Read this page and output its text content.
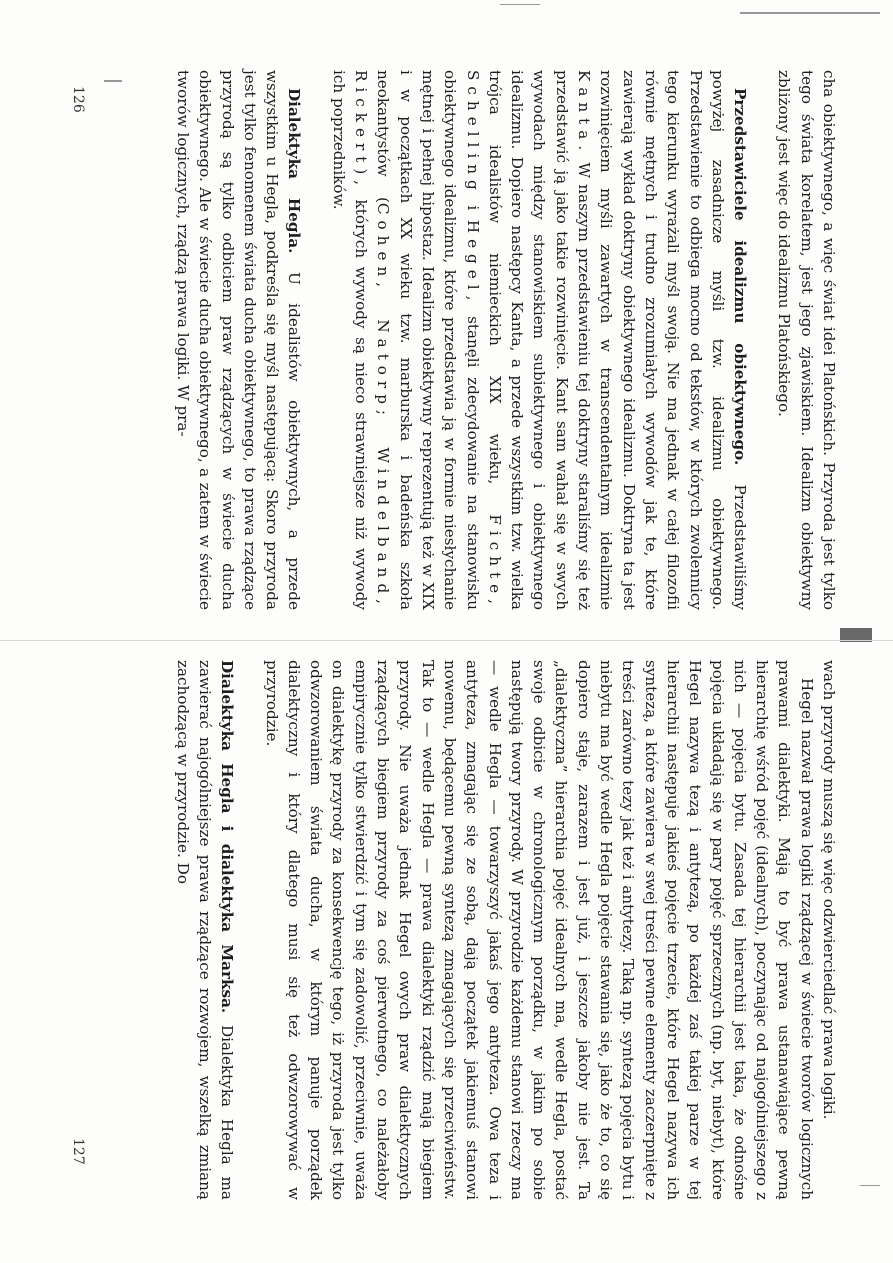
cha obiektywnego, a więc świat idei Platońskich. Przyroda jest tylko tego świata korelatem, jest jego zjawiskiem. Idealizm obiektywny zbliżony jest więc do idealizmu Platońskiego.

Przedstawiciele idealizmu obiektywnego. Przedstawiliśmy powyżej zasadnicze myśli tzw. idealizmu obiektywnego. Przedstawienie to odbiega mocno od tekstów, w których zwolennicy tego kierunku wyrażali myśl swoją. Nie ma jednak w całej filozofii równie mętnych i trudno zrozumiałych wywodów jak te, które zawierają wykład doktryny obiektywnego idealizmu. Doktryna ta jest rozwinięciem myśli zawartych w transcendentalnym idealizmie Kanta. W naszym przedstawieniu tej doktryny staraliśmy się też przedstawić ją jako takie rozwinięcie. Kant sam wahał się w swych wywodach między stanowiskiem subiektywnego i obiektywnego idealizmu. Dopiero następcy Kanta, a przede wszystkim tzw. wielka trójca idealistów niemieckich XIX wieku, Fichte, Schelling i Hegel, stanęli zdecydowanie na stanowisku obiektywnego idealizmu, które przedstawia ją w formie niesłychanie mętnej i pełnej hipostaz. Idealizm obiektywny reprezentują też w XIX i w początkach XX wieku tzw. marburska i badeńska szkoła neokantystów (Cohen, Natorp; Windelband, Rickert), których wywody są nieco strawniejsze niż wywody ich poprzedników.

Dialektyka Hegla. U idealistów obiektywnych, a przede wszystkim u Hegla, podkreśla się myśl następującą: Skoro przyroda jest tylko fenomenem świata ducha obiektywnego, to prawa rządzące przyrodą są tylko odbiciem praw rządzących w świecie ducha obiektywnego. Ale w świecie ducha obiektywnego, a zatem w świecie tworów logicznych, rządzą prawa logiki. W pra-

wach przyrody muszą się więc odzwierciedlać prawa logiki.

Hegel nazwał prawa logiki rządzącej w świecie tworów logicznych prawami dialektyki. Mają to być prawa ustanawiające pewną hierarchię wśród pojęć (idealnych), poczynając od najogólniejszego z nich — pojęcia bytu. Zasada tej hierarchii jest taka, że odnośne pojęcia układają się w pary pojęć sprzecznych (np. byt, niebyt), które Hegel nazywa tezą i antytezą, po każdej zaś takiej parze w tej hierarchii następuje jakieś pojęcie trzecie, które Hegel nazywa ich syntezą, a które zawiera w swej treści pewne elementy zaczerpnięte z treści zarówno tezy jak też i antytezy. Taką np. syntezą pojęcia bytu i niebytu ma być wedle Hegla pojęcie stawania się, jako że to, co się dopiero staje, zarazem i jest już, i jeszcze jakoby nie jest. Ta „dialektyczna” hierarchia pojęć idealnych ma, wedle Hegla, postać swoje odbicie w chronologicznym porządku, w jakim po sobie następują twory przyrody. W przyrodzie każdemu stanowi rzeczy ma — wedle Hegla — towarzyszyć jakaś jego antyteza. Owa teza i antyteza, zmagając się ze sobą, dają początek jakiemuś stanowi nowemu, będącemu pewną syntezą zmagających się przeciwieństw. Tak to — wedle Hegla — prawa dialektyki rządzić mają biegiem przyrody. Nie uważa jednak Hegel owych praw dialektycznych rządzących biegiem przyrody za coś pierwotnego, co należałoby empirycznie tylko stwierdzić i tym się zadowolić, przeciwnie, uważa on dialektykę przyrody za konsekwencję tego, iż przyroda jest tylko odwzorowaniem świata ducha, w którym panuje porządek dialektyczny i który dlatego musi się też odwzorowywać w przyrodzie.

Dialektyka Hegla i dialektyka Marksa. Dialektyka Hegla ma zawierać najogólniejsze prawa rządzące rozwojem, wszelką zmianą zachodzącą w przyrodzie. Do

126
127
